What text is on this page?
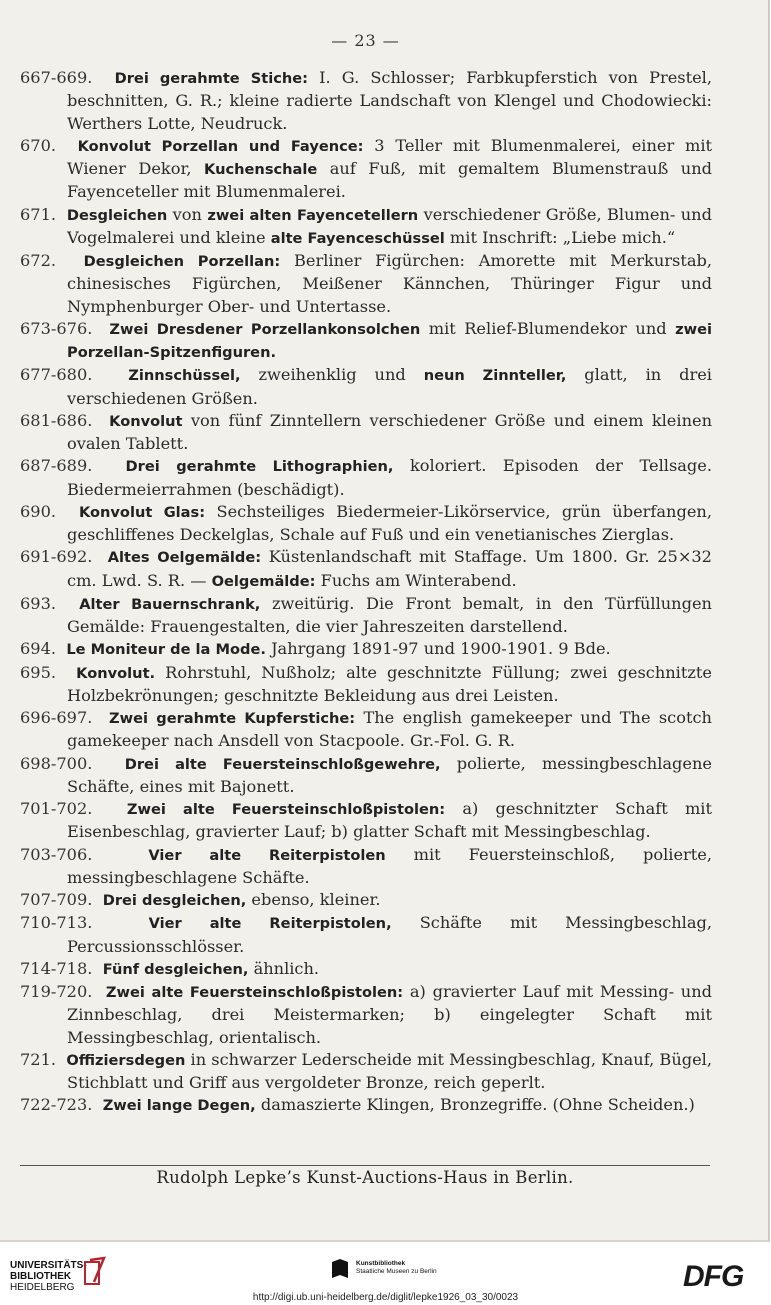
— 23 —
667-669. Drei gerahmte Stiche: I. G. Schlosser; Farbkupferstich von Prestel, beschnitten, G. R.; kleine radierte Landschaft von Klengel und Chodowiecki: Werthers Lotte, Neudruck.
670. Konvolut Porzellan und Fayence: 3 Teller mit Blumenmalerei, einer mit Wiener Dekor, Kuchenschale auf Fuß, mit gemaltem Blumenstrauß und Fayenceteller mit Blumenmalerei.
671. Desgleichen von zwei alten Fayencetellern verschiedener Größe, Blumen- und Vogelmalerei und kleine alte Fayenceschüssel mit Inschrift: „Liebe mich.“
672. Desgleichen Porzellan: Berliner Figürchen: Amorette mit Merkurstab, chinesisches Figürchen, Meißener Kännchen, Thüringer Figur und Nymphenburger Ober- und Untertasse.
673-676. Zwei Dresdener Porzellankonsolchen mit Relief-Blumendekor und zwei Porzellan-Spitzenfiguren.
677-680. Zinnschüssel, zweihenklig und neun Zinnteller, glatt, in drei verschiedenen Größen.
681-686. Konvolut von fünf Zinntellern verschiedener Größe und einem kleinen ovalen Tablett.
687-689. Drei gerahmte Lithographien, koloriert. Episoden der Tellsage. Biedermeierrahmen (beschädigt).
690. Konvolut Glas: Sechsteiliges Biedermeier-Likörservice, grün überfangen, geschliffenes Deckelglas, Schale auf Fuß und ein venetianisches Zierglas.
691-692. Altes Oelgemälde: Küstenlandschaft mit Staffage. Um 1800. Gr. 25×32 cm. Lwd. S. R. — Oelgemälde: Fuchs am Winterabend.
693. Alter Bauernschrank, zweitürig. Die Front bemalt, in den Türfüllungen Gemälde: Frauengestalten, die vier Jahreszeiten darstellend.
694. Le Moniteur de la Mode. Jahrgang 1891-97 und 1900-1901. 9 Bde.
695. Konvolut. Rohrstuhl, Nußholz; alte geschnitzte Füllung; zwei geschnitzte Holzbekrönungen; geschnitzte Bekleidung aus drei Leisten.
696-697. Zwei gerahmte Kupferstiche: The english gamekeeper und The scotch gamekeeper nach Ansdell von Stacpoole. Gr.-Fol. G. R.
698-700. Drei alte Feuersteinschloßgewehre, polierte, messingbeschlagene Schäfte, eines mit Bajonett.
701-702. Zwei alte Feuersteinschloßpistolen: a) geschnitzter Schaft mit Eisenbeschlag, gravierter Lauf; b) glatter Schaft mit Messingbeschlag.
703-706. Vier alte Reiterpistolen mit Feuersteinschloß, polierte, messingbeschlagene Schäfte.
707-709. Drei desgleichen, ebenso, kleiner.
710-713. Vier alte Reiterpistolen, Schäfte mit Messingbeschlag, Percussionsschlösser.
714-718. Fünf desgleichen, ähnlich.
719-720. Zwei alte Feuersteinschloßpistolen: a) gravierter Lauf mit Messing- und Zinnbeschlag, drei Meistermarken; b) eingelegter Schaft mit Messingbeschlag, orientalisch.
721. Offiziersdegen in schwarzer Lederscheide mit Messingbeschlag, Knauf, Bügel, Stichblatt und Griff aus vergoldeter Bronze, reich geperlt.
722-723. Zwei lange Degen, damaszierte Klingen, Bronzegriffe. (Ohne Scheiden.)
Rudolph Lepke’s Kunst-Auctions-Haus in Berlin.
UNIVERSITÄTS-
BIBLIOTHEK
HEIDELBERG
Kunstbibliothek
Staatliche Museen zu Berlin	DFG
http://digi.ub.uni-heidelberg.de/diglit/lepke1926_03_30/0023
